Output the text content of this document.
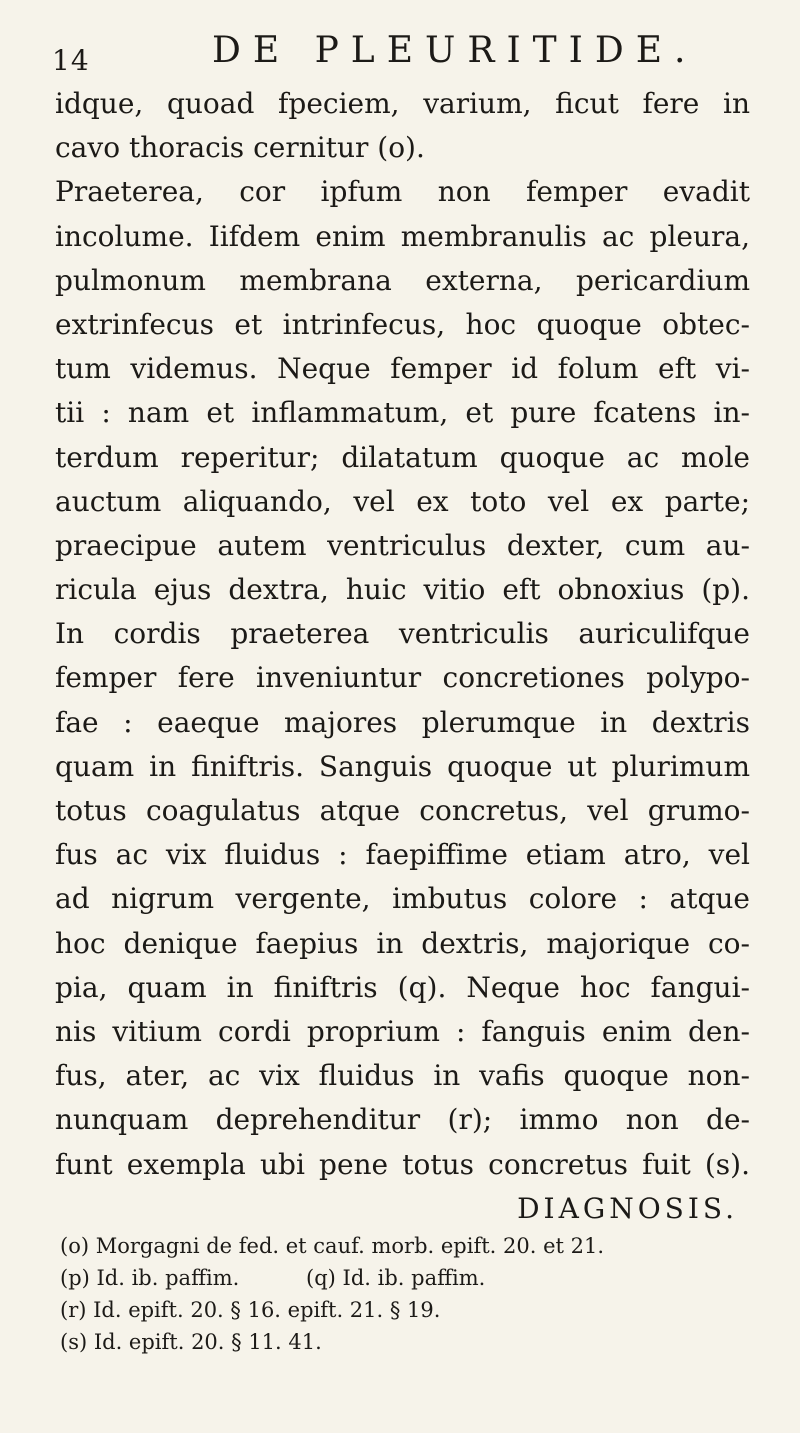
14	DE PLEURITIDE.
idque, quoad fpeciem, varium, ficut fere in
cavo thoracis cernitur (o).
Praeterea, cor ipfum non femper evadit
incolume. Iifdem enim membranulis ac pleura,
pulmonum membrana externa, pericardium
extrinfecus et intrinfecus, hoc quoque obtec-
tum videmus. Neque femper id folum eft vi-
tii : nam et inflammatum, et pure fcatens in-
terdum reperitur; dilatatum quoque ac mole
auctum aliquando, vel ex toto vel ex parte;
praecipue autem ventriculus dexter, cum au-
ricula ejus dextra, huic vitio eft obnoxius (p).
In cordis praeterea ventriculis auriculifque
femper fere inveniuntur concretiones polypo-
fae : eaeque majores plerumque in dextris
quam in finiftris. Sanguis quoque ut plurimum
totus coagulatus atque concretus, vel grumo-
fus ac vix fluidus : faepiffime etiam atro, vel
ad nigrum vergente, imbutus colore : atque
hoc denique faepius in dextris, majorique co-
pia, quam in finiftris (q). Neque hoc fangui-
nis vitium cordi proprium : fanguis enim den-
fus, ater, ac vix fluidus in vafis quoque non-
nunquam deprehenditur (r); immo non de-
funt exempla ubi pene totus concretus fuit (s).
DIAGNOSIS.
(o) Morgagni de fed. et cauf. morb. epift. 20. et 21.
(p) Id. ib. paffim.          (q) Id. ib. paffim.
(r) Id. epift. 20. § 16. epift. 21. § 19.
(s) Id. epift. 20. § 11. 41.
